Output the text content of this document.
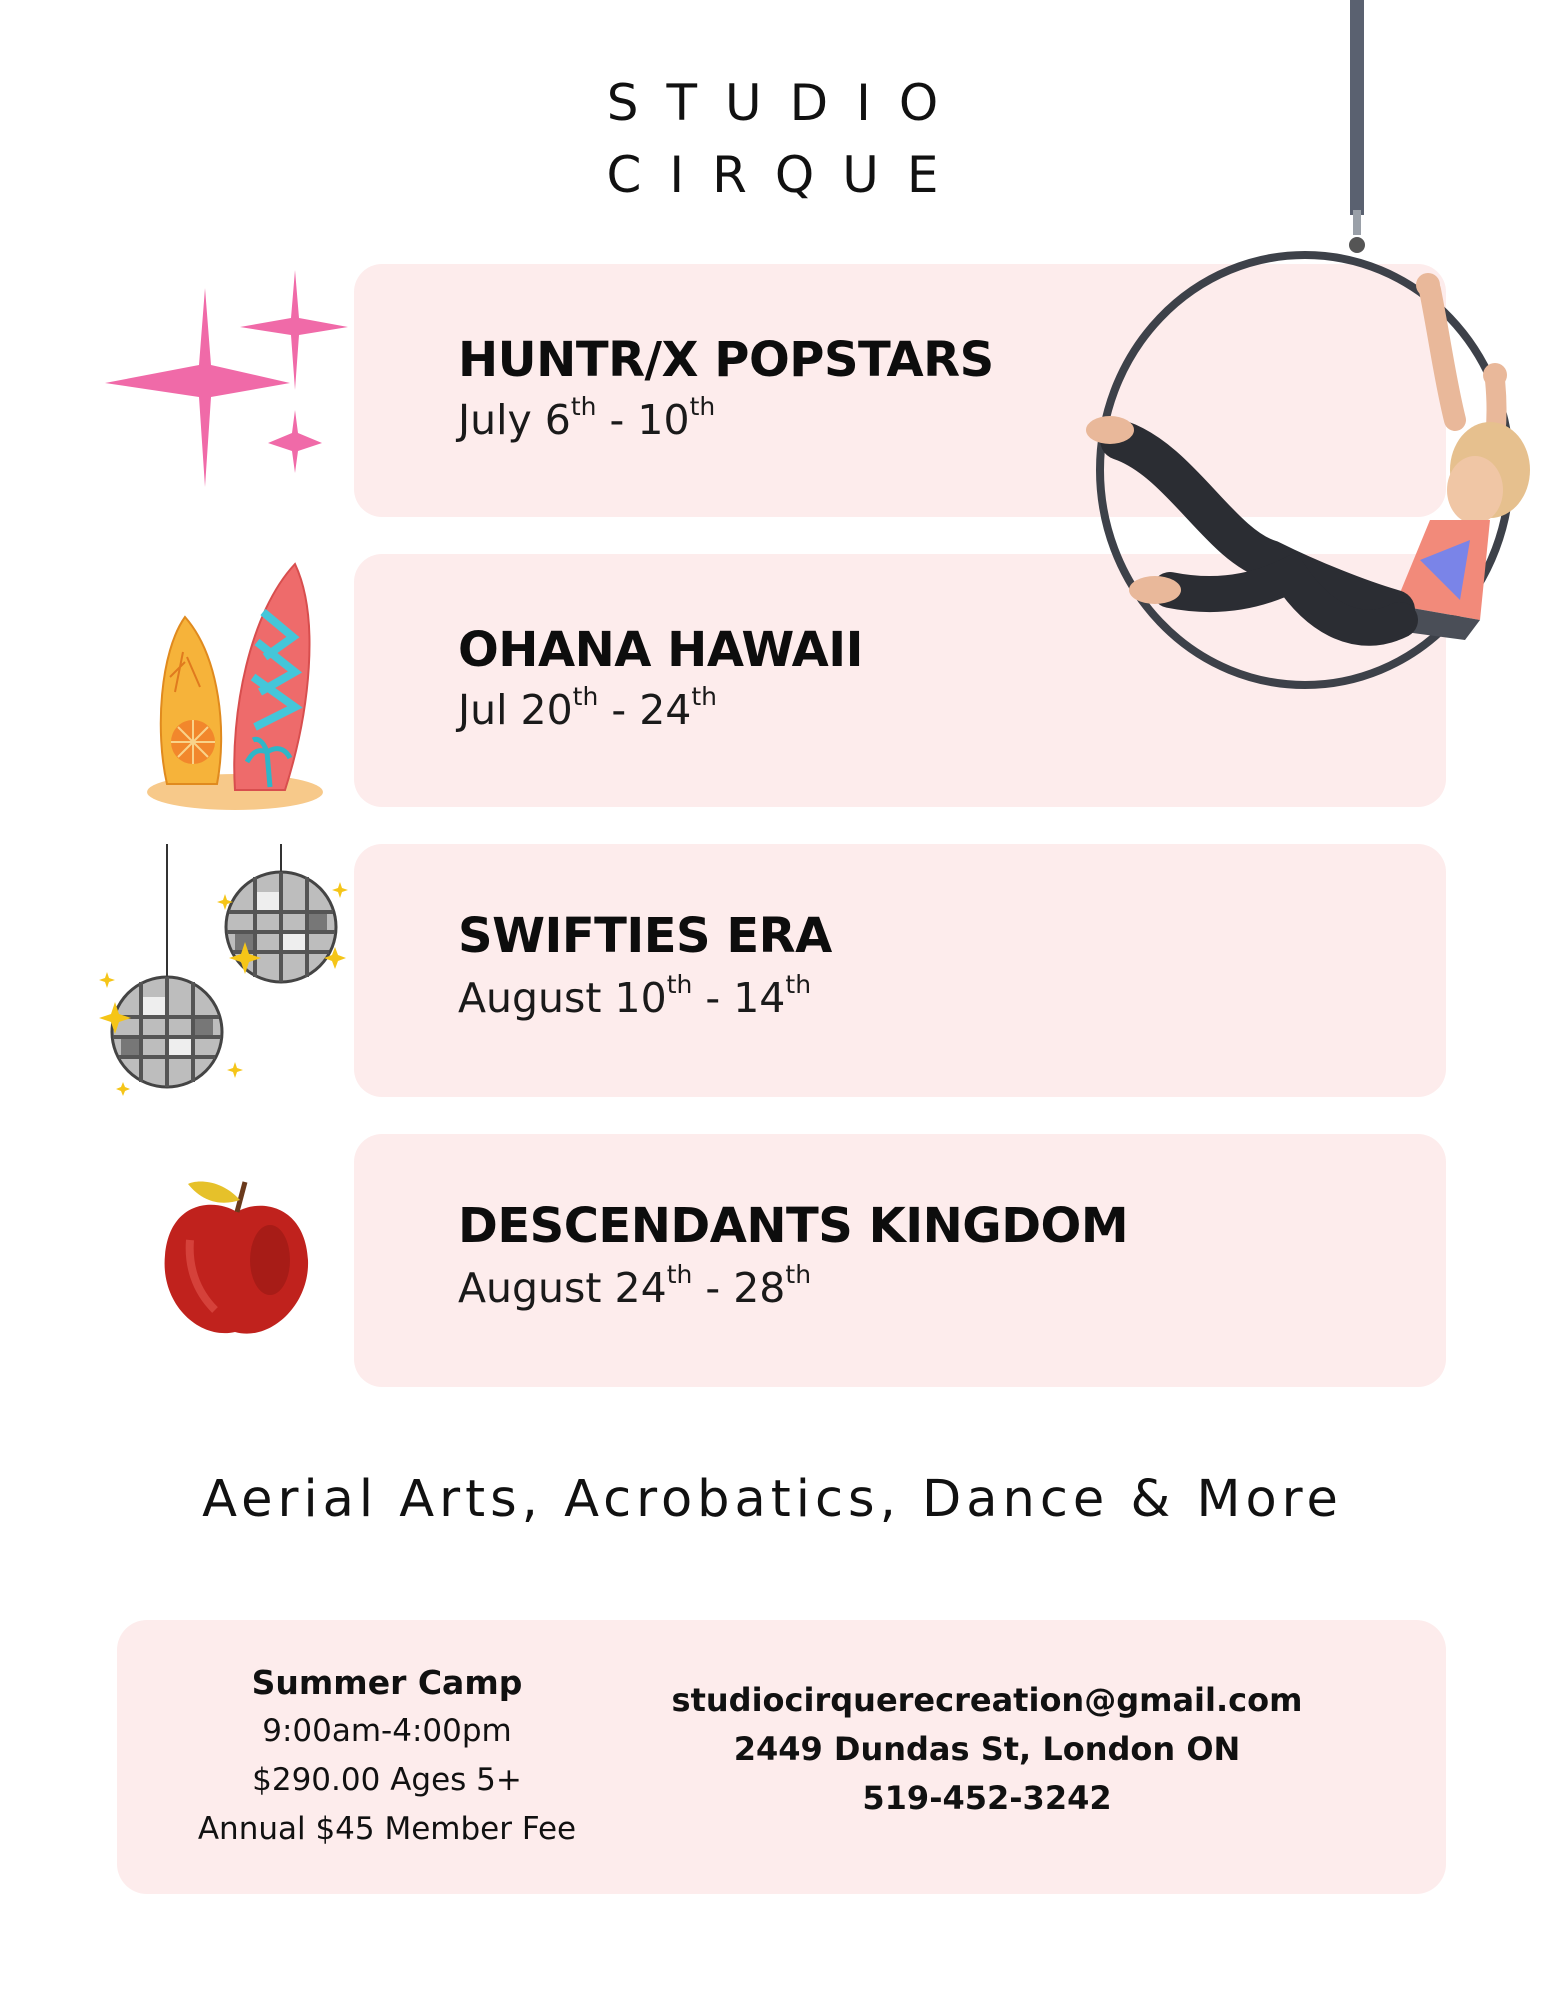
STUDIO
CIRQUE
HUNTR/X POPSTARS
July 6th - 10th
OHANA HAWAII
Jul 20th - 24th
SWIFTIES ERA
August 10th - 14th
DESCENDANTS KINGDOM
August 24th - 28th
Aerial Arts, Acrobatics, Dance & More
Summer Camp
9:00am-4:00pm
$290.00 Ages 5+
Annual $45 Member Fee
studiocirquerecreation@gmail.com
2449 Dundas St, London ON
519-452-3242
